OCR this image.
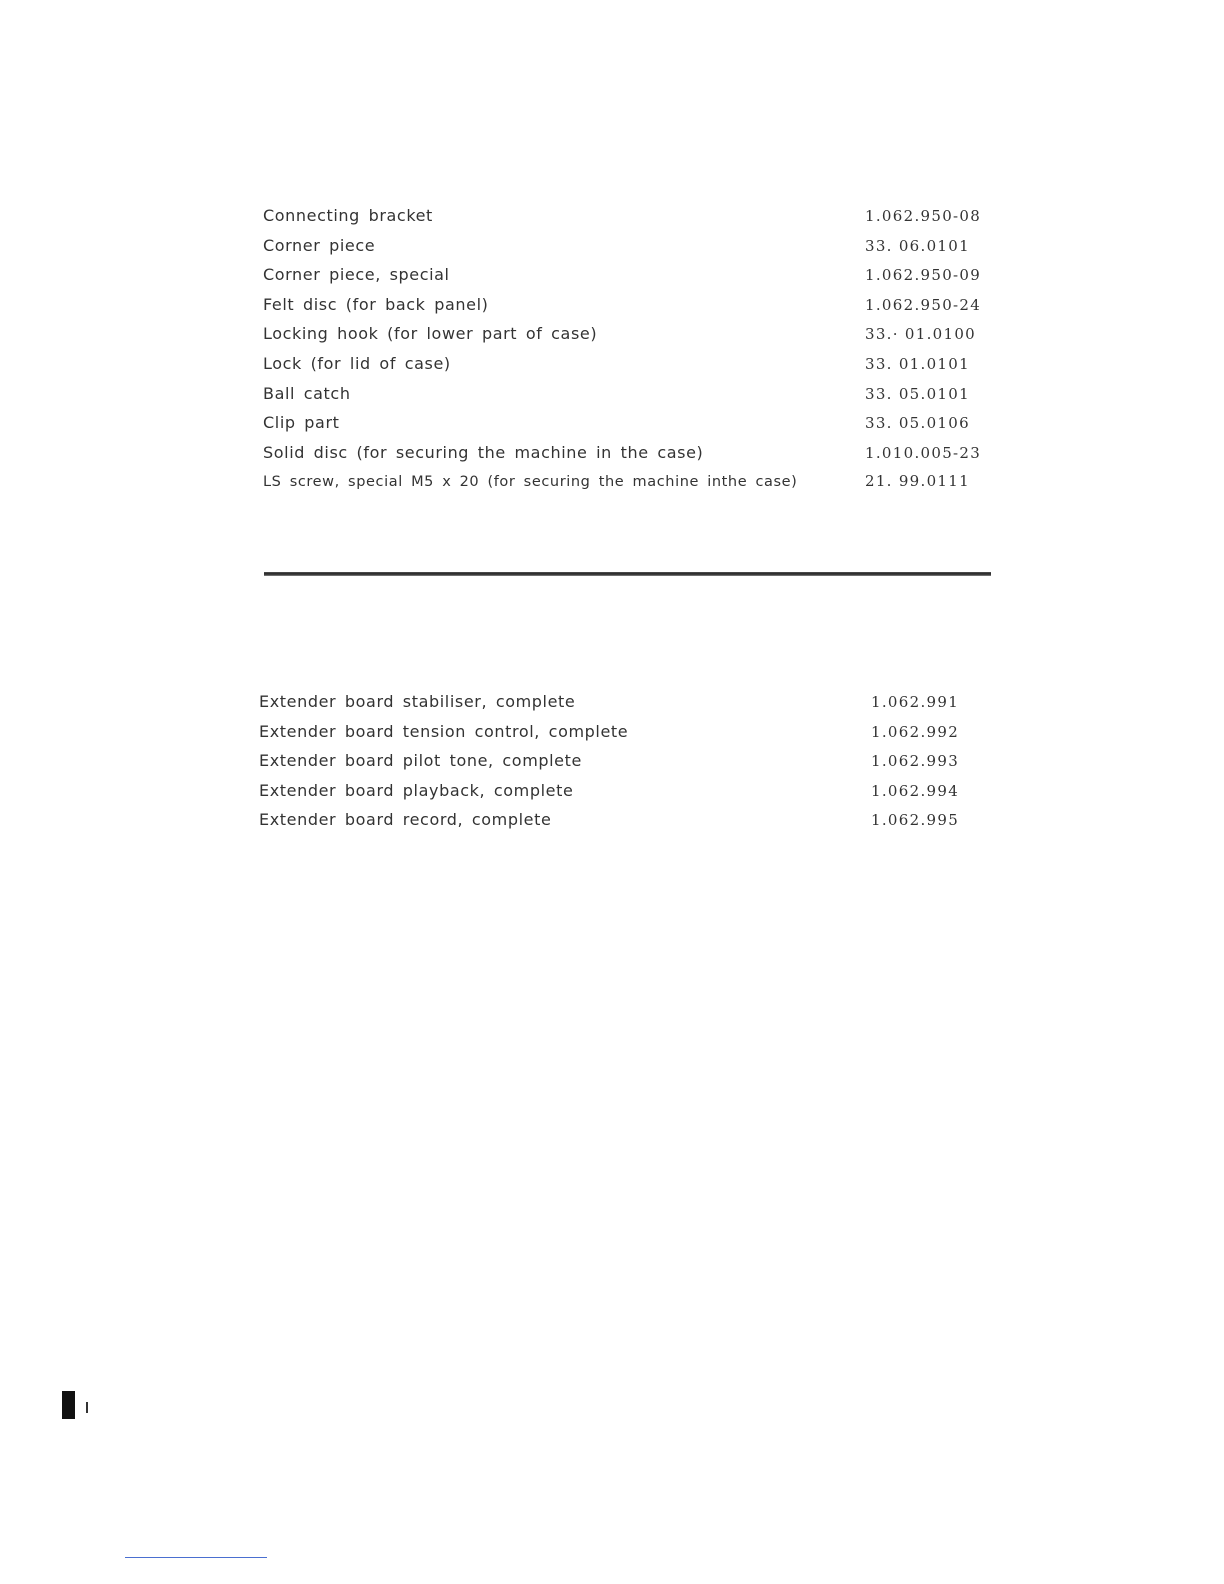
Connecting bracket	1.062.950-08
Corner piece	33. 06.0101
Corner piece, special	1.062.950-09
Felt disc (for back panel)	1.062.950-24
Locking hook (for lower part of case)	33.· 01.0100
Lock (for lid of case)	33. 01.0101
Ball catch	33. 05.0101
Clip part	33. 05.0106
Solid disc (for securing the machine in the case)	1.010.005-23
LS screw, special M5 x 20 (for securing the machine inthe case)	21. 99.0111
Extender board stabiliser, complete	1.062.991
Extender board tension control, complete	1.062.992
Extender board pilot tone, complete	1.062.993
Extender board playback, complete	1.062.994
Extender board record, complete	1.062.995
